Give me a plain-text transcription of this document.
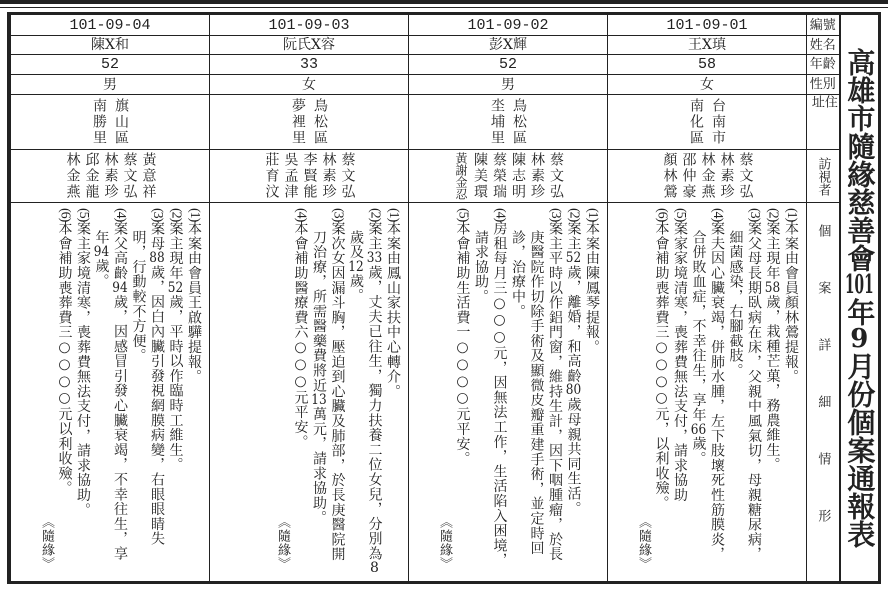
高雄市隨緣慈善會101年9月份個案通報表
編號
姓名
年齡
性別
住址
訪視者
個案詳細情形
101-09-01
王X瑱
58
女
台南市
南化區
蔡文弘
林素珍
林金燕
邵仲豪
顏林鶯
(1)本案由會員顏林鶯提報。
(2)案主現年58歲，栽種芒菓，務農維生。
(3)案父母長期臥病在床，父親中風氣切，母親糖尿病，細菌感染，右腳截肢。
(4)案夫因心臟衰竭，併肺水腫，左下肢壞死性筋膜炎，合併敗血症，不幸往生，享年66歲。
(5)案家家境清寒，喪葬費無法支付，請求協助
(6)本會補助喪葬費三○○○○元，以利收殮。
《隨緣》
101-09-02
彭X輝
52
男
鳥松區
坔埔里
蔡文弘
林素珍
陳志明
蔡榮瑞
陳美環
黃謝金忍
(1)本案由陳鳳琴提報。
(2)案主52歲，離婚，和高齡80歲母親共同生活。
(3)案主平時以作鋁門窗，維持生計，因下咽腫瘤，於長庚醫院作切除手術及顯微皮瓣重建手術，並定時回診，治療中。
(4)房租每月三○○○元，因無法工作，生活陷入困境，請求協助。
(5)本會補助生活費一○○○○元平安。
《隨緣》
101-09-03
阮氏X容
33
女
鳥松區
夢裡里
蔡文弘
林素珍
李賢能
吳孟津
莊育汶
(1)本案由鳳山家扶中心轉介。
(2)案主33歲，丈夫已往生，獨力扶養二位女兒，分別為8歲及12歲。
(3)案次女因漏斗胸，壓迫到心臟及肺部，於長庚醫院開刀治療，所需醫藥費將近13萬元，請求協助。
(4)本會補助醫療費六○○○元平安。
《隨緣》
101-09-04
陳X和
52
男
旗山區
南勝里
黃意祥
蔡文弘
林素珍
邱金龍
林金燕
(1)本案由會員王啟驊提報。
(2)案主現年52歲，平時以作臨時工維生。
(3)案母88歲，因白內臟引發視網膜病變，右眼眼睛失明，行動較不方便。
(4)案父高齡94歲，因感冒引發心臟衰竭，不幸往生，享年94歲。
(5)案主家境清寒，喪葬費無法支付，請求協助。
(6)本會補助喪葬費三○○○○元以利收殮。
《隨緣》
